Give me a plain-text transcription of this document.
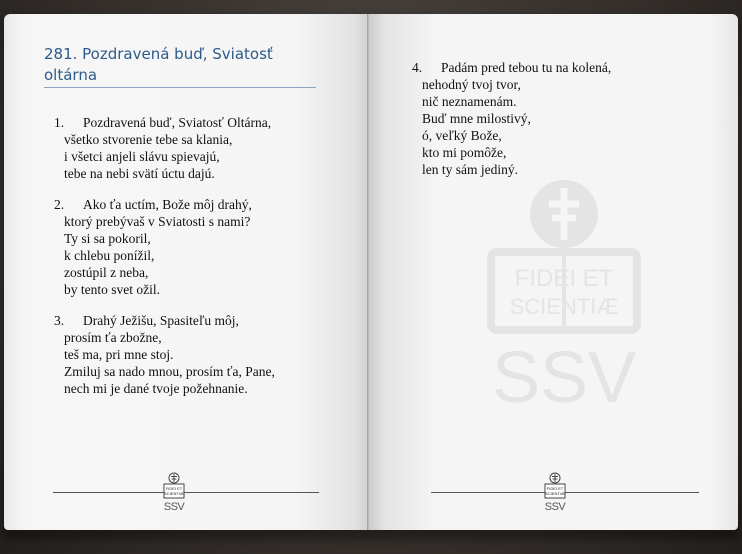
281. Pozdravená buď, Sviatosť oltárna
1. Pozdravená buď, Sviatosť Oltárna,
všetko stvorenie tebe sa klania,
i všetci anjeli slávu spievajú,
tebe na nebi svätí úctu dajú.
2. Ako ťa uctím, Bože môj drahý,
ktorý prebývaš v Sviatosti s nami?
Ty si sa pokoril,
k chlebu ponížil,
zostúpil z neba,
by tento svet ožil.
3. Drahý Ježišu, Spasiteľu môj,
prosím ťa zbožne,
teš ma, pri mne stoj.
Zmiluj sa nado mnou, prosím ťa, Pane,
nech mi je dané tvoje požehnanie.
FIDEI ET
SCIENTIÆ
SSV
FIDEI ET
SCIENTIÆ
SSV
4. Padám pred tebou tu na kolená,
nehodný tvoj tvor,
nič neznamenám.
Buď mne milostivý,
ó, veľký Bože,
kto mi pomôže,
len ty sám jediný.
FIDEI ET
SCIENTIÆ
SSV
